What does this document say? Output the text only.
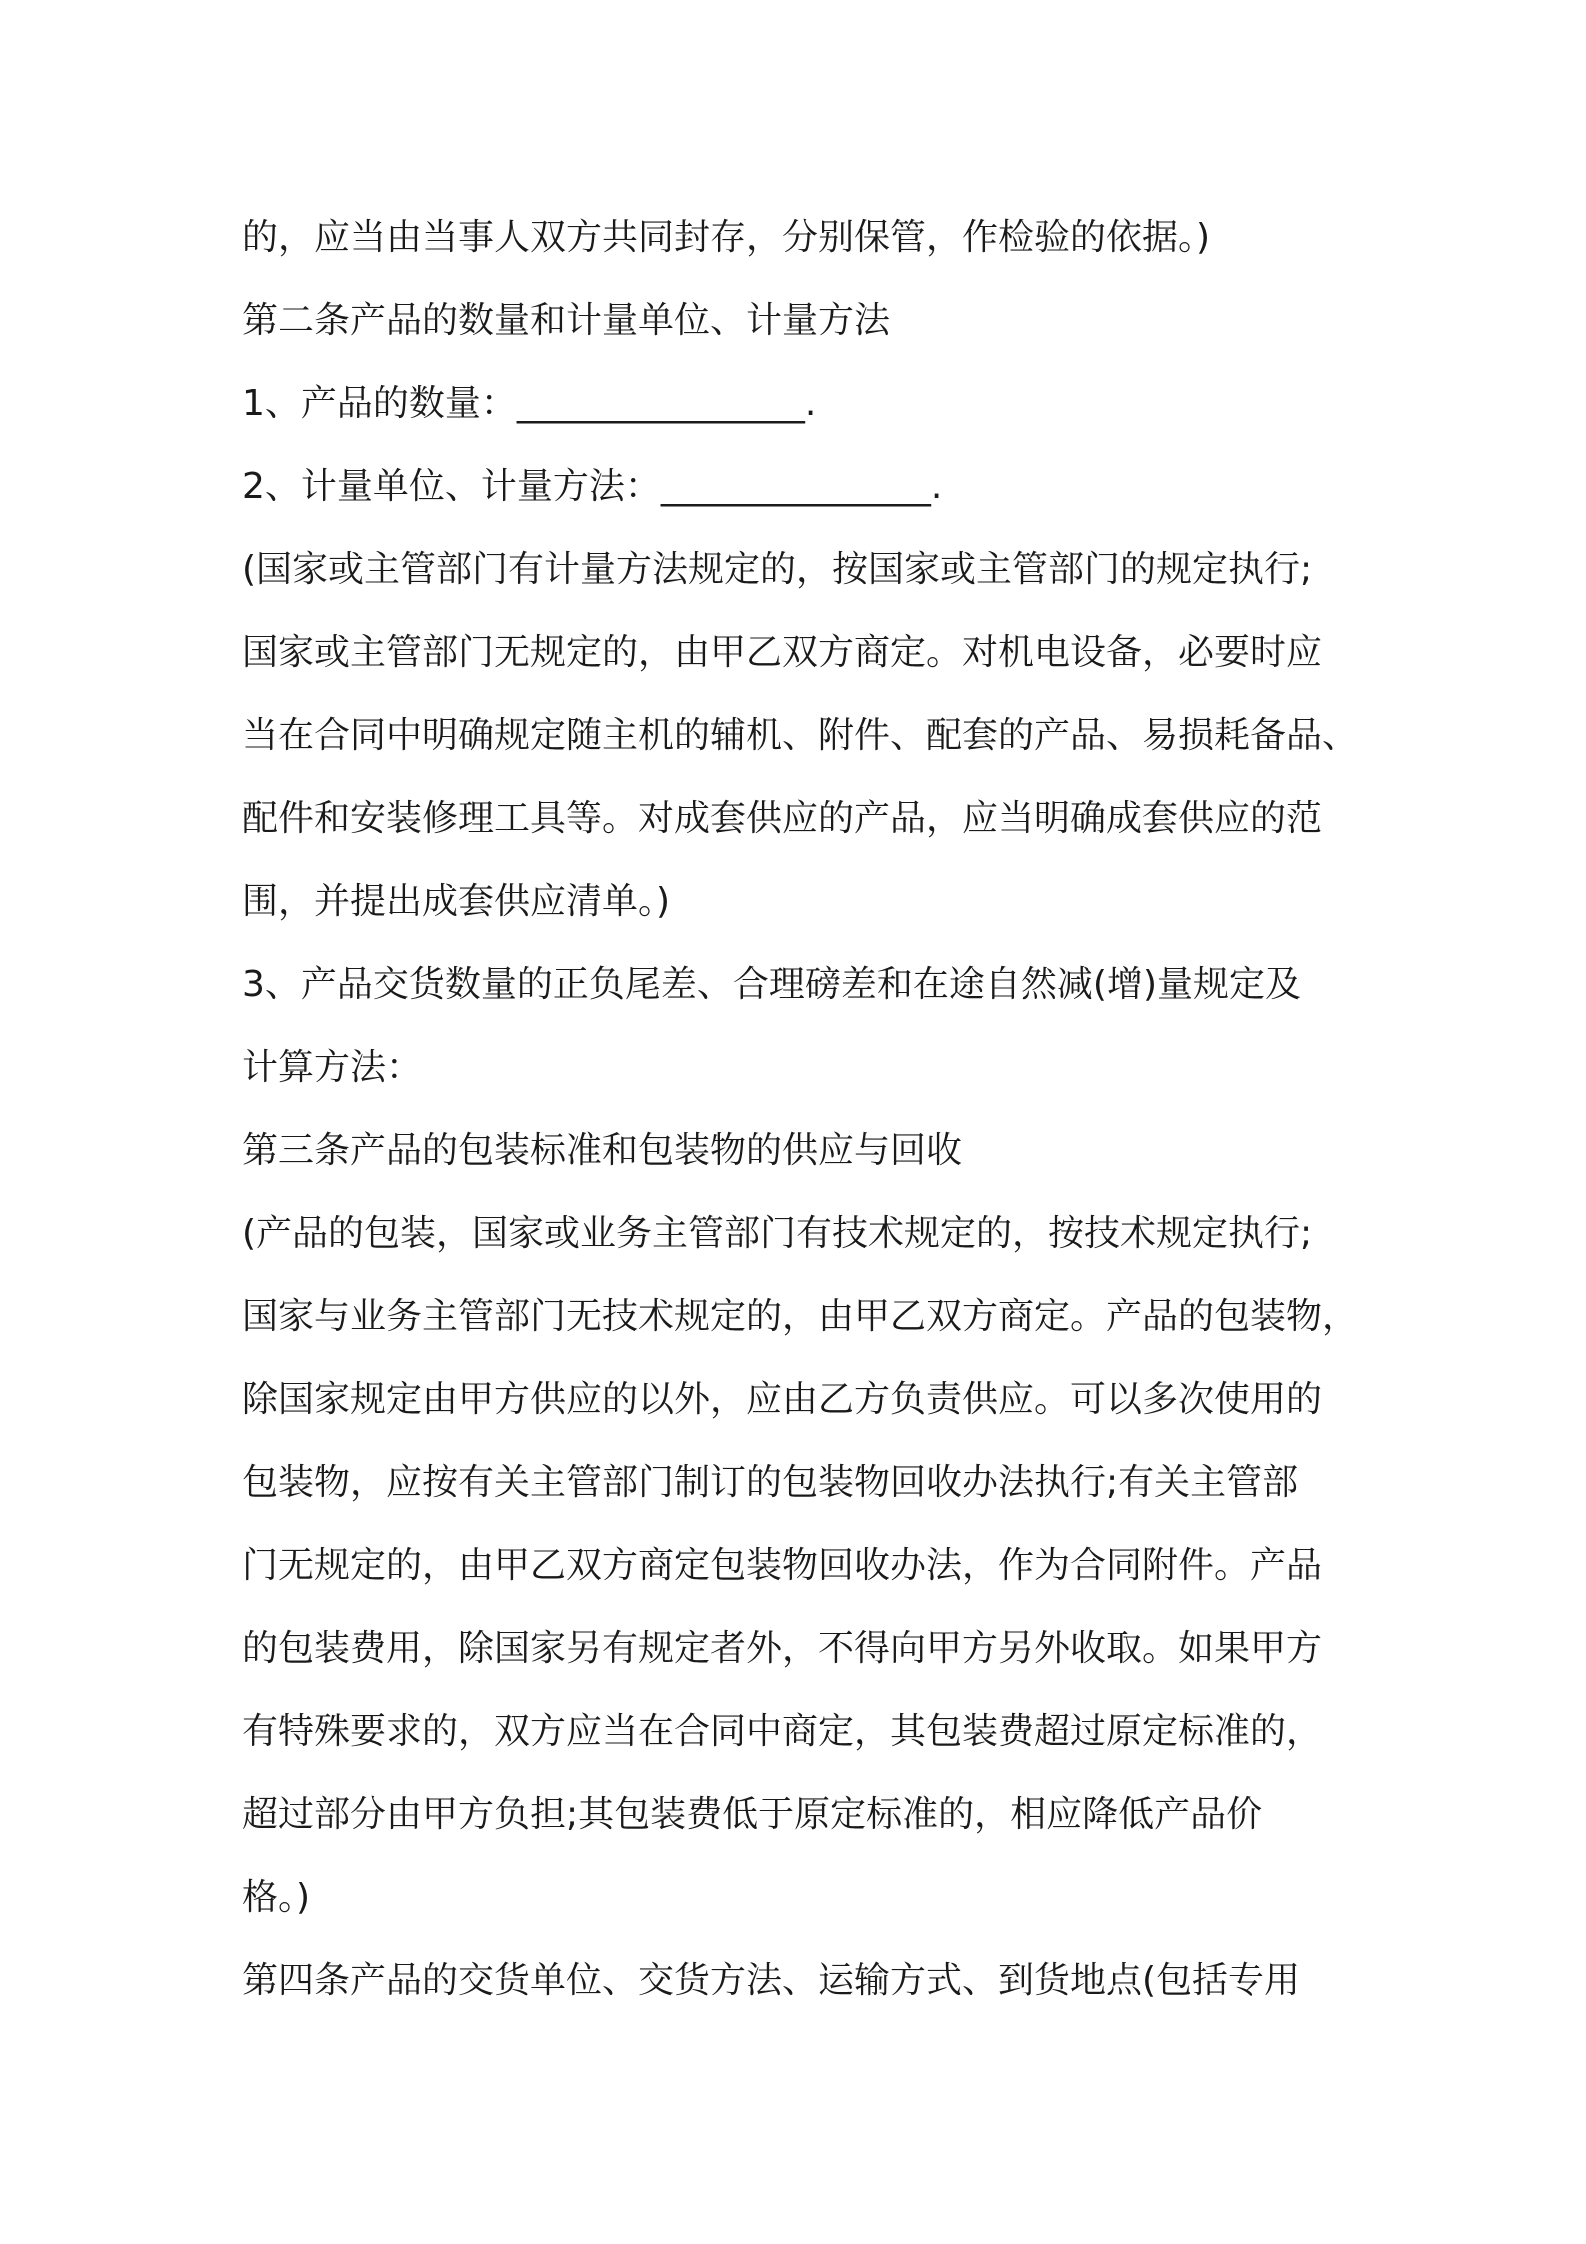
的，应当由当事人双方共同封存，分别保管，作检验的依据。)
第二条产品的数量和计量单位、计量方法
1、产品的数量：________________.
2、计量单位、计量方法：_______________.
(国家或主管部门有计量方法规定的，按国家或主管部门的规定执行;
国家或主管部门无规定的，由甲乙双方商定。对机电设备，必要时应
当在合同中明确规定随主机的辅机、附件、配套的产品、易损耗备品、
配件和安装修理工具等。对成套供应的产品，应当明确成套供应的范
围，并提出成套供应清单。)
3、产品交货数量的正负尾差、合理磅差和在途自然减(增)量规定及
计算方法：
第三条产品的包装标准和包装物的供应与回收
(产品的包装，国家或业务主管部门有技术规定的，按技术规定执行;
国家与业务主管部门无技术规定的，由甲乙双方商定。产品的包装物，
除国家规定由甲方供应的以外，应由乙方负责供应。可以多次使用的
包装物，应按有关主管部门制订的包装物回收办法执行;有关主管部
门无规定的，由甲乙双方商定包装物回收办法，作为合同附件。产品
的包装费用，除国家另有规定者外，不得向甲方另外收取。如果甲方
有特殊要求的，双方应当在合同中商定，其包装费超过原定标准的，
超过部分由甲方负担;其包装费低于原定标准的，相应降低产品价
格。)
第四条产品的交货单位、交货方法、运输方式、到货地点(包括专用
